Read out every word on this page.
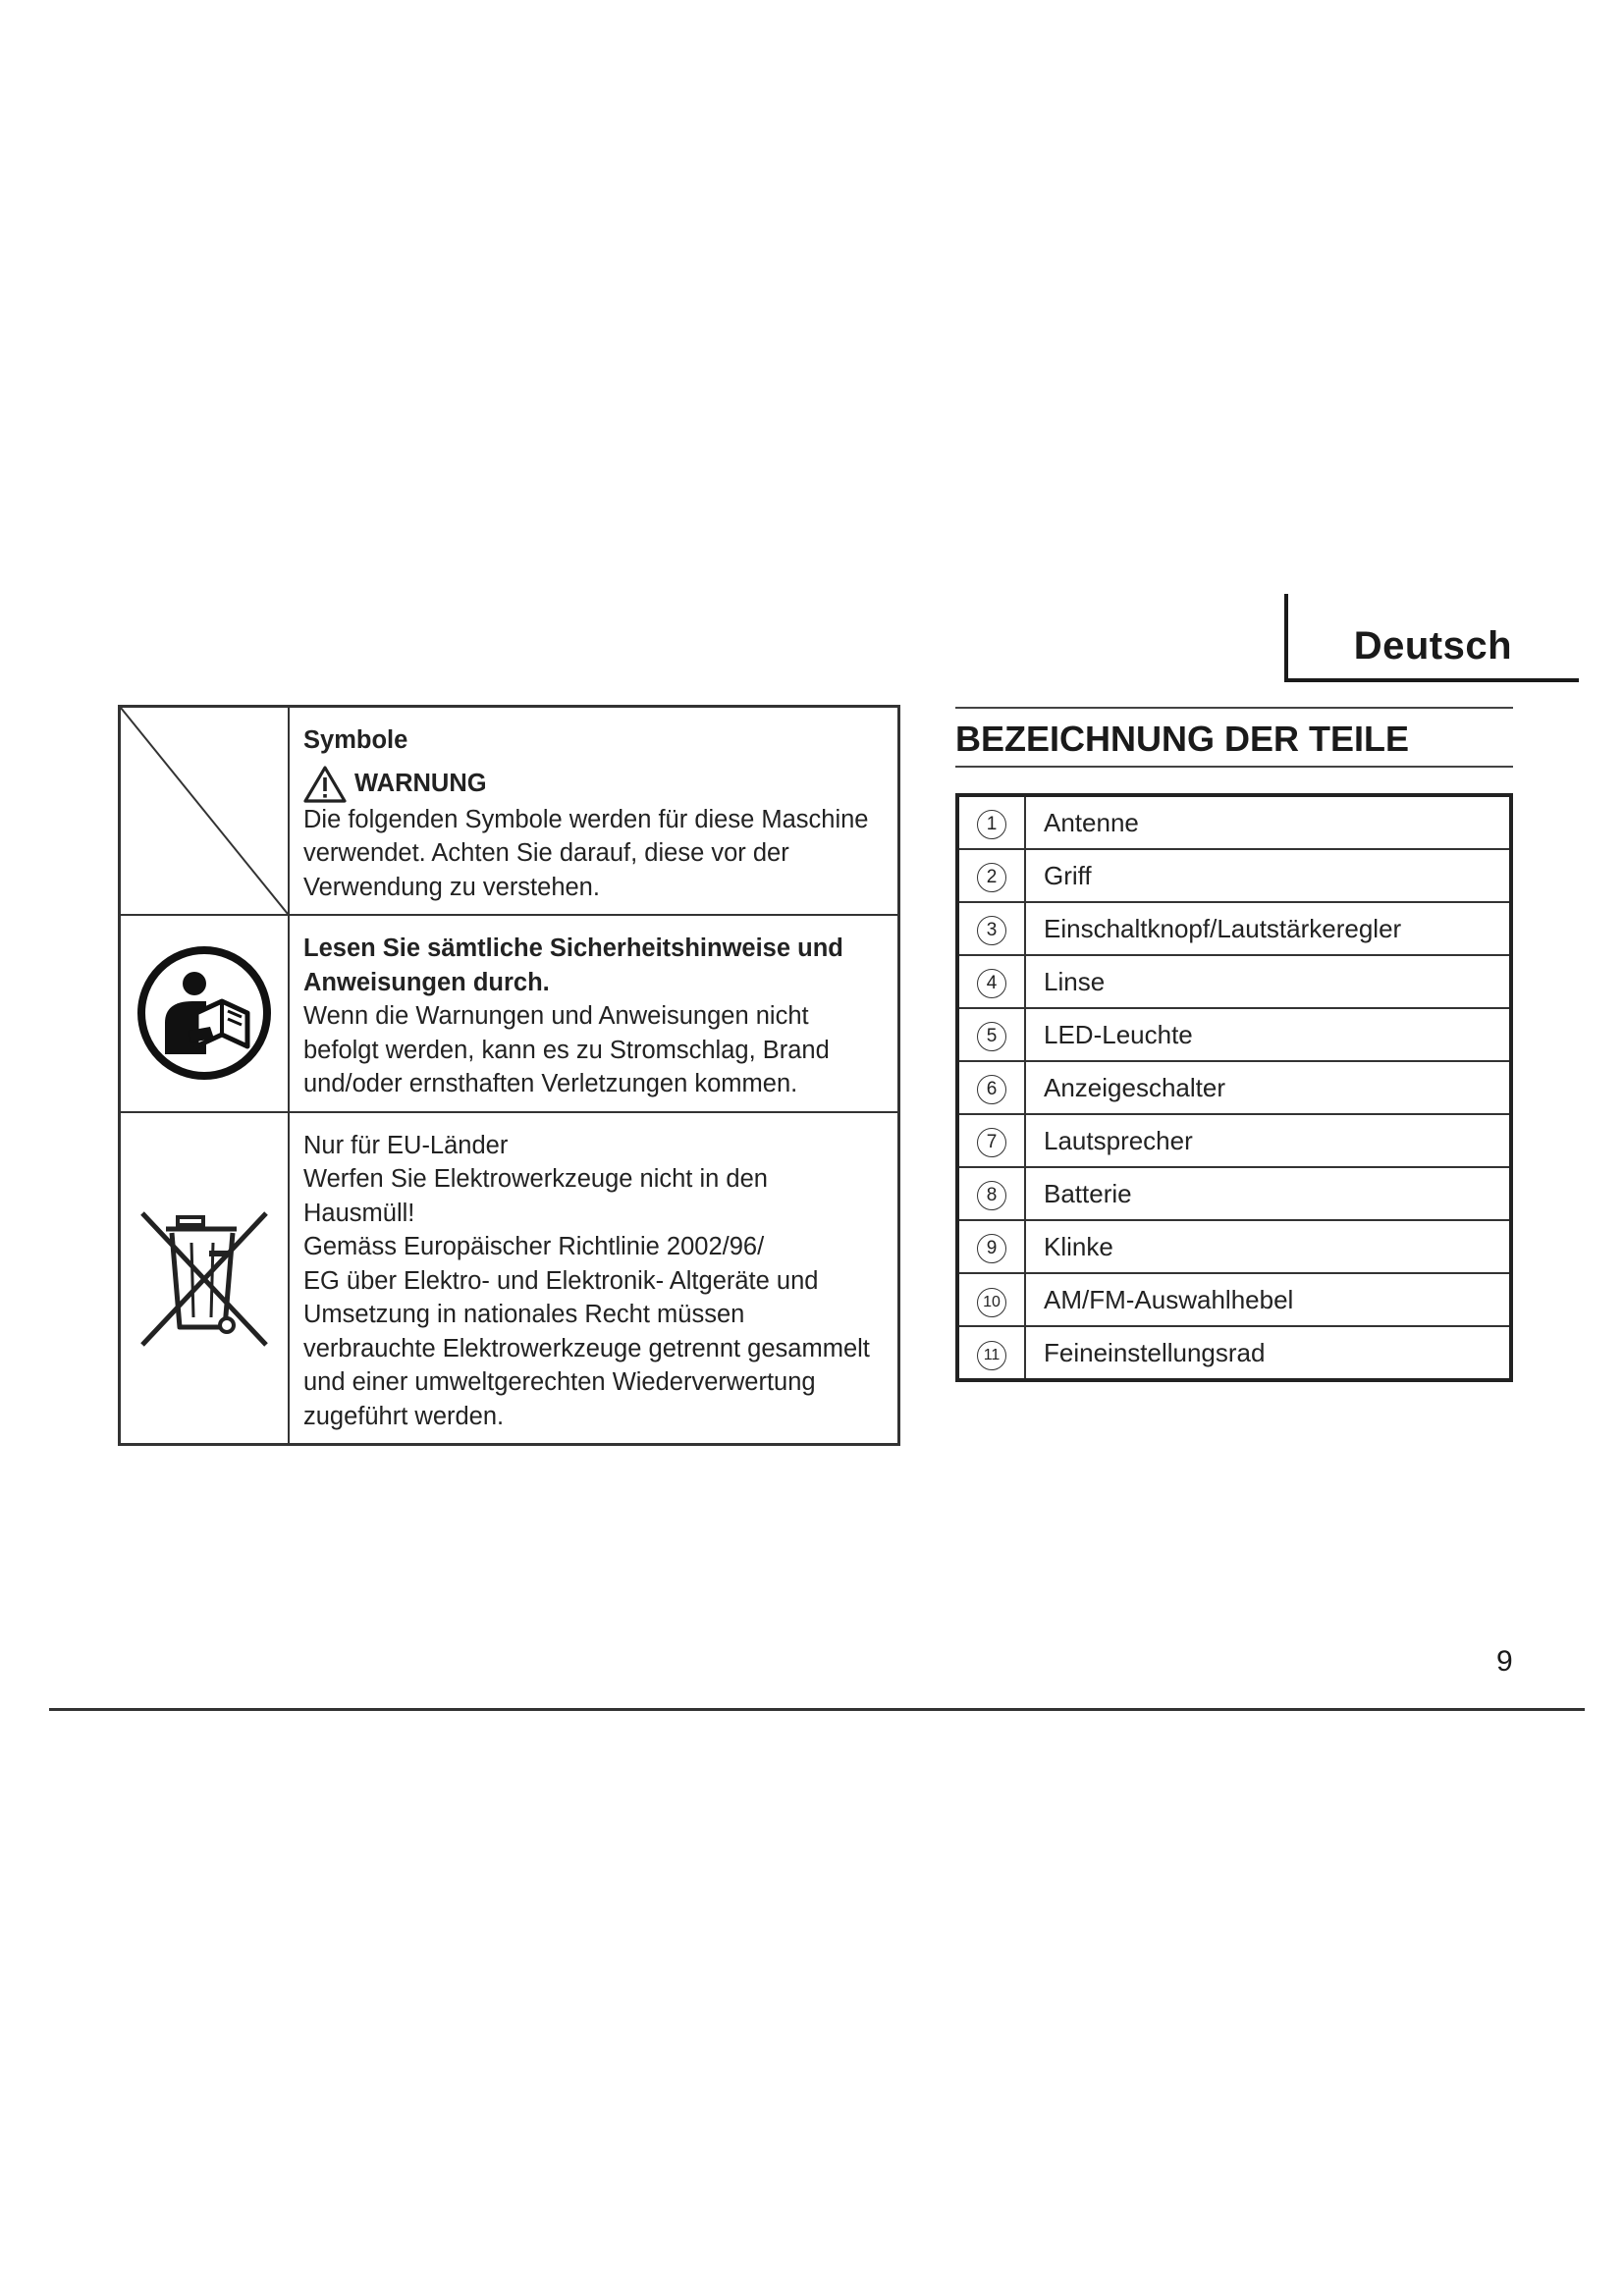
Deutsch

Symbole
WARNUNG
Die folgenden Symbole werden für diese Maschine verwendet. Achten Sie darauf, diese vor der Verwendung zu verstehen.

Lesen Sie sämtliche Sicherheitshinweise und Anweisungen durch.
Wenn die Warnungen und Anweisungen nicht befolgt werden, kann es zu Stromschlag, Brand und/oder ernsthaften Verletzungen kommen.

Nur für EU-Länder
Werfen Sie Elektrowerkzeuge nicht in den Hausmüll!
Gemäss Europäischer Richtlinie 2002/96/
EG über Elektro- und Elektronik- Altgeräte und Umsetzung in nationales Recht müssen verbrauchte Elektrowerkzeuge getrennt gesammelt und einer umweltgerechten Wiederverwertung zugeführt werden.
BEZEICHNUNG DER TEILE
1	Antenne
2	Griff
3	Einschaltknopf/Lautstärkeregler
4	Linse
5	LED-Leuchte
6	Anzeigeschalter
7	Lautsprecher
8	Batterie
9	Klinke
10	AM/FM-Auswahlhebel
11	Feineinstellungsrad
9
